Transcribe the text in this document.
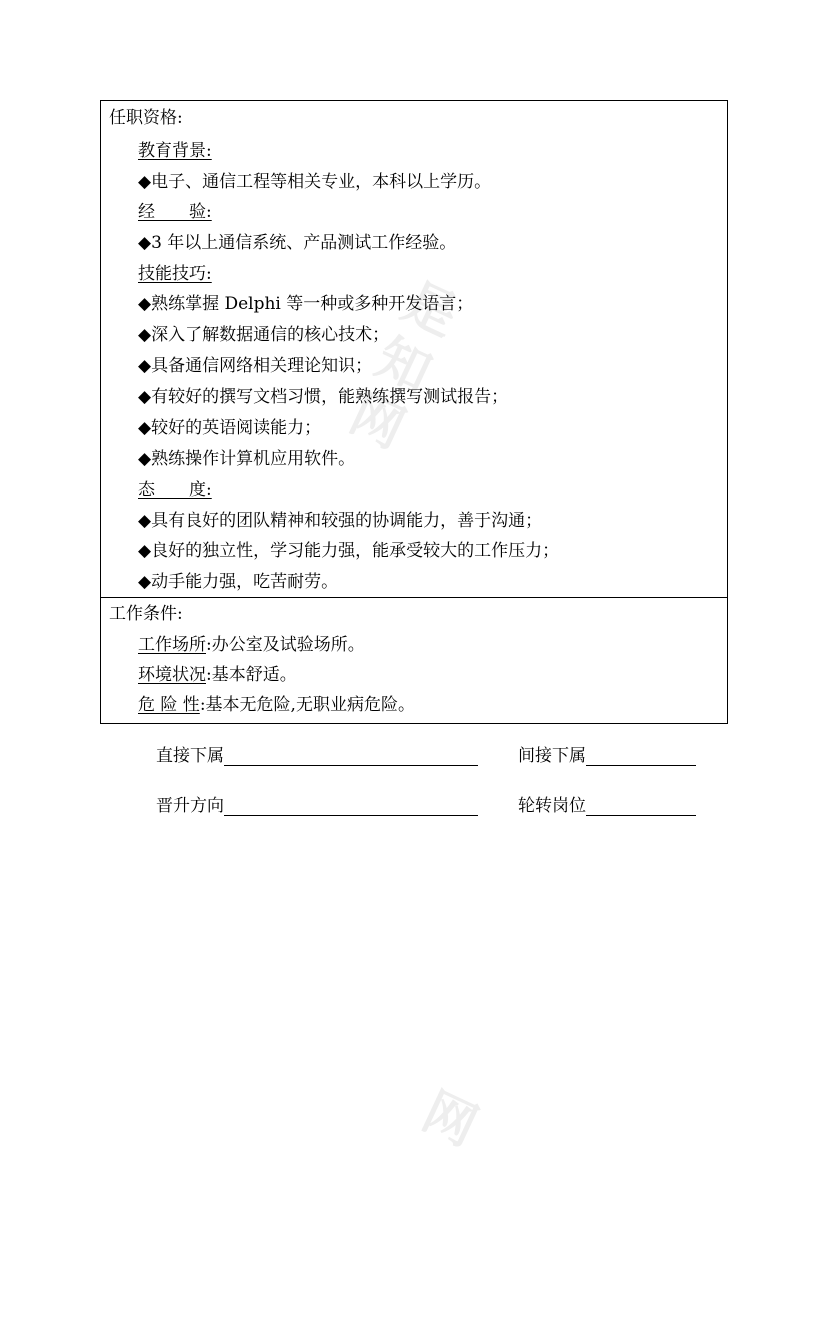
是
知
网
网
任职资格:
教育背景:
◆电子、通信工程等相关专业，本科以上学历。
经　　验:
◆3 年以上通信系统、产品测试工作经验。
技能技巧:
◆熟练掌握 Delphi 等一种或多种开发语言；
◆深入了解数据通信的核心技术；
◆具备通信网络相关理论知识；
◆有较好的撰写文档习惯，能熟练撰写测试报告；
◆较好的英语阅读能力；
◆熟练操作计算机应用软件。
态　　度:
◆具有良好的团队精神和较强的协调能力，善于沟通；
◆良好的独立性，学习能力强，能承受较大的工作压力；
◆动手能力强，吃苦耐劳。
工作条件:
工作场所:办公室及试验场所。
环境状况:基本舒适。
危 险 性:基本无危险,无职业病危险。
直接下属	间接下属
晋升方向	轮转岗位
